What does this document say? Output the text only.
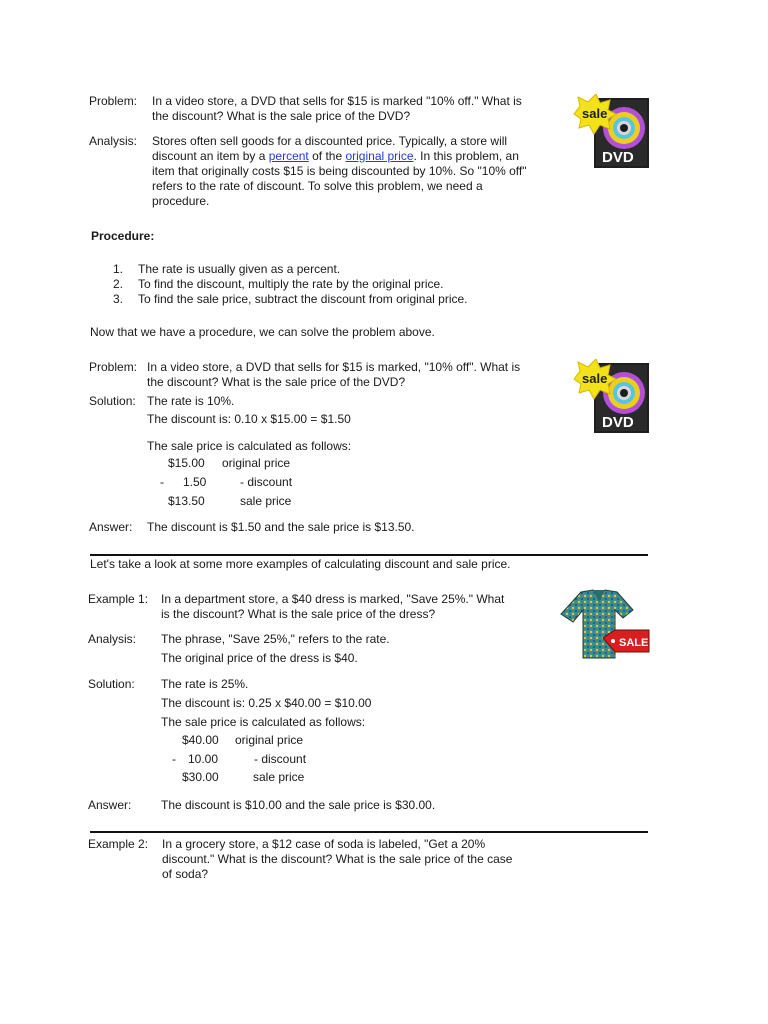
Problem: In a video store, a DVD that sells for $15 is marked "10% off." What is
the discount? What is the sale price of the DVD?
DVD
sale
Analysis: Stores often sell goods for a discounted price. Typically, a store will
discount an item by a percent of the original price. In this problem, an
item that originally costs $15 is being discounted by 10%. So "10% off"
refers to the rate of discount. To solve this problem, we need a
procedure.
Procedure:
1. The rate is usually given as a percent.
2. To find the discount, multiply the rate by the original price.
3. To find the sale price, subtract the discount from original price.
Now that we have a procedure, we can solve the problem above.
Problem: In a video store, a DVD that sells for $15 is marked, "10% off". What is
the discount? What is the sale price of the DVD?
DVD
sale
Solution: The rate is 10%.
The discount is: 0.10 x $15.00 = $1.50
The sale price is calculated as follows:
$15.00 original price
- 1.50	- discount
$13.50	sale price
Answer: The discount is $1.50 and the sale price is $13.50.
Let's take a look at some more examples of calculating discount and sale price.
Example 1: In a department store, a $40 dress is marked, "Save 25%." What
is the discount? What is the sale price of the dress?
SALE
Analysis: The phrase, "Save 25%," refers to the rate.
The original price of the dress is $40.
Solution: The rate is 25%.
The discount is: 0.25 x $40.00 = $10.00
The sale price is calculated as follows:
$40.00 original price
- 10.00	- discount
$30.00	sale price
Answer: The discount is $10.00 and the sale price is $30.00.
Example 2: In a grocery store, a $12 case of soda is labeled, "Get a 20%
discount." What is the discount? What is the sale price of the case
of soda?
